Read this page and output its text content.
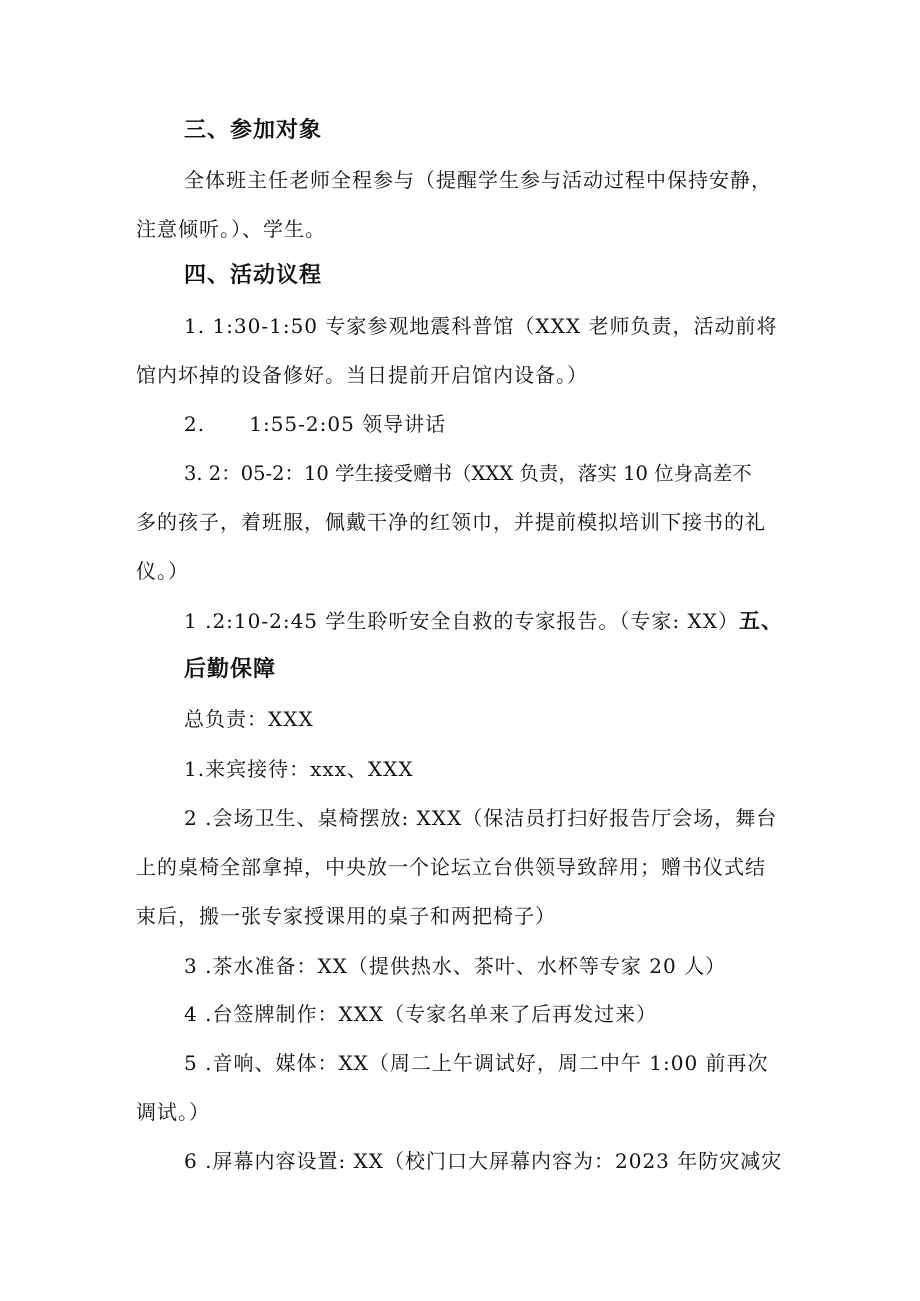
三、参加对象
全体班主任老师全程参与（提醒学生参与活动过程中保持安静，
注意倾听。）、学生。
四、活动议程
1. 1:30-1:50 专家参观地震科普馆（XXX 老师负责，活动前将
馆内坏掉的设备修好。当日提前开启馆内设备。）
2.      1:55-2:05 领导讲话
3. 2：05-2：10 学生接受赠书（XXX 负责，落实 10 位身高差不
多的孩子，着班服，佩戴干净的红领巾，并提前模拟培训下接书的礼
仪。）
1 .2:10-2:45 学生聆听安全自救的专家报告。（专家: XX）五、
后勤保障
总负责：XXX
1.来宾接待：xxx、XXX
2 .会场卫生、桌椅摆放: XXX（保洁员打扫好报告厅会场，舞台
上的桌椅全部拿掉，中央放一个论坛立台供领导致辞用；赠书仪式结
束后，搬一张专家授课用的桌子和两把椅子）
3 .茶水准备：XX（提供热水、茶叶、水杯等专家 20 人）
4 .台签牌制作：XXX（专家名单来了后再发过来）
5 .音响、媒体：XX（周二上午调试好，周二中午 1:00 前再次
调试。）
6 .屏幕内容设置: XX（校门口大屏幕内容为：2023 年防灾减灾
